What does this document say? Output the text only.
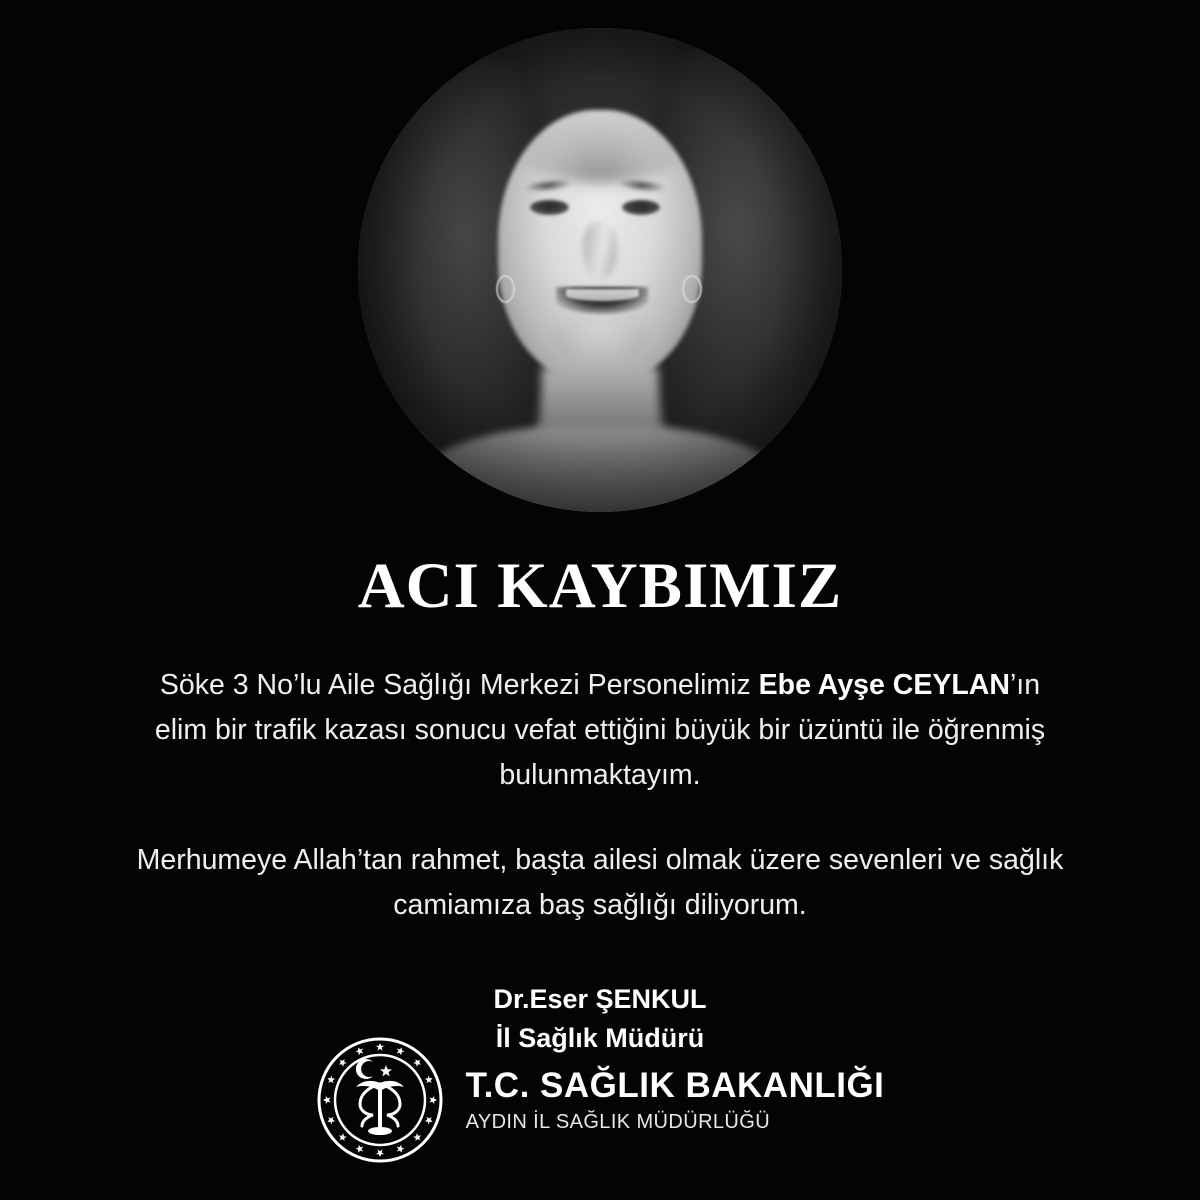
ACI KAYBIMIZ

Söke 3 No’lu Aile Sağlığı Merkezi Personelimiz Ebe Ayşe CEYLAN’ın elim bir trafik kazası sonucu vefat ettiğini büyük bir üzüntü ile öğrenmiş bulunmaktayım.

Merhumeye Allah’tan rahmet, başta ailesi olmak üzere sevenleri ve sağlık camiamıza baş sağlığı diliyorum.

Dr.Eser ŞENKUL
İl Sağlık Müdürü
T.C. SAĞLIK BAKANLIĞI
AYDIN İL SAĞLIK MÜDÜRLÜĞÜ
